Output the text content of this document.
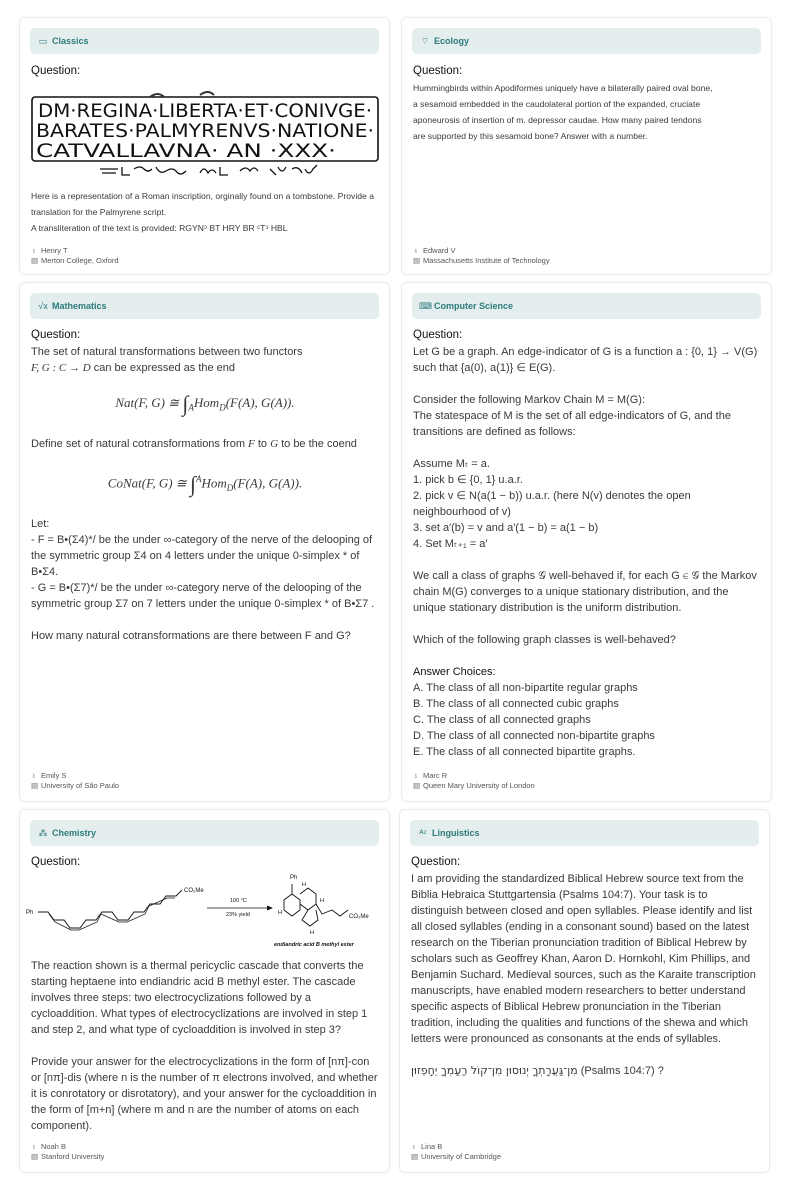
▭ Classics
Question:
DM·REGINA·LIBERTA·ET·CONIVGE·
BARATES·PALMYRENVS·NATIONE·
CATVALLAVNA· AN ·XXX·

Here is a representation of a Roman inscription, orginally found on a tombstone. Provide a translation for the Palmyrene script.

A transliteration of the text is provided: RGYNᵓ BT HRY BR ᶜTᵓ HBL

♁ Henry T
▤ Merton College, Oxford
⌔ Ecology
Question:

Hummingbirds within Apodiformes uniquely have a bilaterally paired oval bone, a sesamoid embedded in the caudolateral portion of the expanded, cruciate aponeurosis of insertion of m. depressor caudae. How many paired tendons are supported by this sesamoid bone? Answer with a number.

♁ Edward V
▤ Massachusetts Institute of Technology
√x Mathematics
Question:

The set of natural transformations between two functors

F, G : C → D can be expressed as the end

Nat(F, G) ≅ $\int_AHom_D(F(A)$, G(A)).

Define set of natural cotransformations from F to G to be the coend

CoNat(F, G) ≅ ∫$^A$Hom$_D$(F(A), G(A)).

Let:

- F = B•(Σ4)*/ be the under ∞-category of the nerve of the delooping of the symmetric group Σ4 on 4 letters under the unique 0-simplex * of B•Σ4.

- G = B•(Σ7)*/ be the under ∞-category nerve of the delooping of the symmetric group Σ7 on 7 letters under the unique 0-simplex * of B•Σ7 .

How many natural cotransformations are there between F and G?

♁ Emily S
▤ University of São Paulo
⌨ Computer Science
Question:

Let G be a graph. An edge-indicator of G is a function a : {0, 1} → V(G) such that {a(0), a(1)} ∈ E(G).

Consider the following Markov Chain M = M(G):

The statespace of M is the set of all edge-indicators of G, and the transitions are defined as follows:

Assume Mₜ = a.

1. pick b ∈ {0, 1} u.a.r.

2. pick v ∈ N(a(1 − b)) u.a.r. (here N(v) denotes the open neighbourhood of v)

3. set a′(b) = v and a′(1 − b) = a(1 − b)

4. Set Mₜ₊₁ = a′

We call a class of graphs 𝒢 well-behaved if, for each G ∈ 𝒢 the Markov chain M(G) converges to a unique stationary distribution, and the unique stationary distribution is the uniform distribution.

Which of the following graph classes is well-behaved?

Answer Choices:

A. The class of all non-bipartite regular graphs

B. The class of all connected cubic graphs

C. The class of all connected graphs

D. The class of all connected non-bipartite graphs

E. The class of all connected bipartite graphs.

♁ Marc R
▤ Queen Mary University of London
⁂ Chemistry
Question:
Ph
CO₂Me
100 °C
23% yield
Ph
H
H
H
H
CO₂Me
endiandric acid B methyl ester

The reaction shown is a thermal pericyclic cascade that converts the starting heptaene into endiandric acid B methyl ester. The cascade involves three steps: two electrocyclizations followed by a cycloaddition. What types of electrocyclizations are involved in step 1 and step 2, and what type of cycloaddition is involved in step 3?

Provide your answer for the electrocyclizations in the form of [nπ]-con or [nπ]-dis (where n is the number of π electrons involved, and whether it is conrotatory or disrotatory), and your answer for the cycloaddition in the form of [m+n] (where m and n are the number of atoms on each component).

♁ Noah B
▤ Stanford University
ᴬᶻ Linguistics
Question:

I am providing the standardized Biblical Hebrew source text from the Biblia Hebraica Stuttgartensia (Psalms 104:7). Your task is to distinguish between closed and open syllables. Please identify and list all closed syllables (ending in a consonant sound) based on the latest research on the Tiberian pronunciation tradition of Biblical Hebrew by scholars such as Geoffrey Khan, Aaron D. Hornkohl, Kim Phillips, and Benjamin Suchard. Medieval sources, such as the Karaite transcription manuscripts, have enabled modern researchers to better understand specific aspects of Biblical Hebrew pronunciation in the Tiberian tradition, including the qualities and functions of the shewa and which letters were pronounced as consonants at the ends of syllables.

מִן־גַּעֲרָתְךָ יְנוּסוּן מִן־קוֹל רַעַמְךָ יֵחָפֵזוּן (Psalms 104:7) ?

♁ Lina B
▤ University of Cambridge
